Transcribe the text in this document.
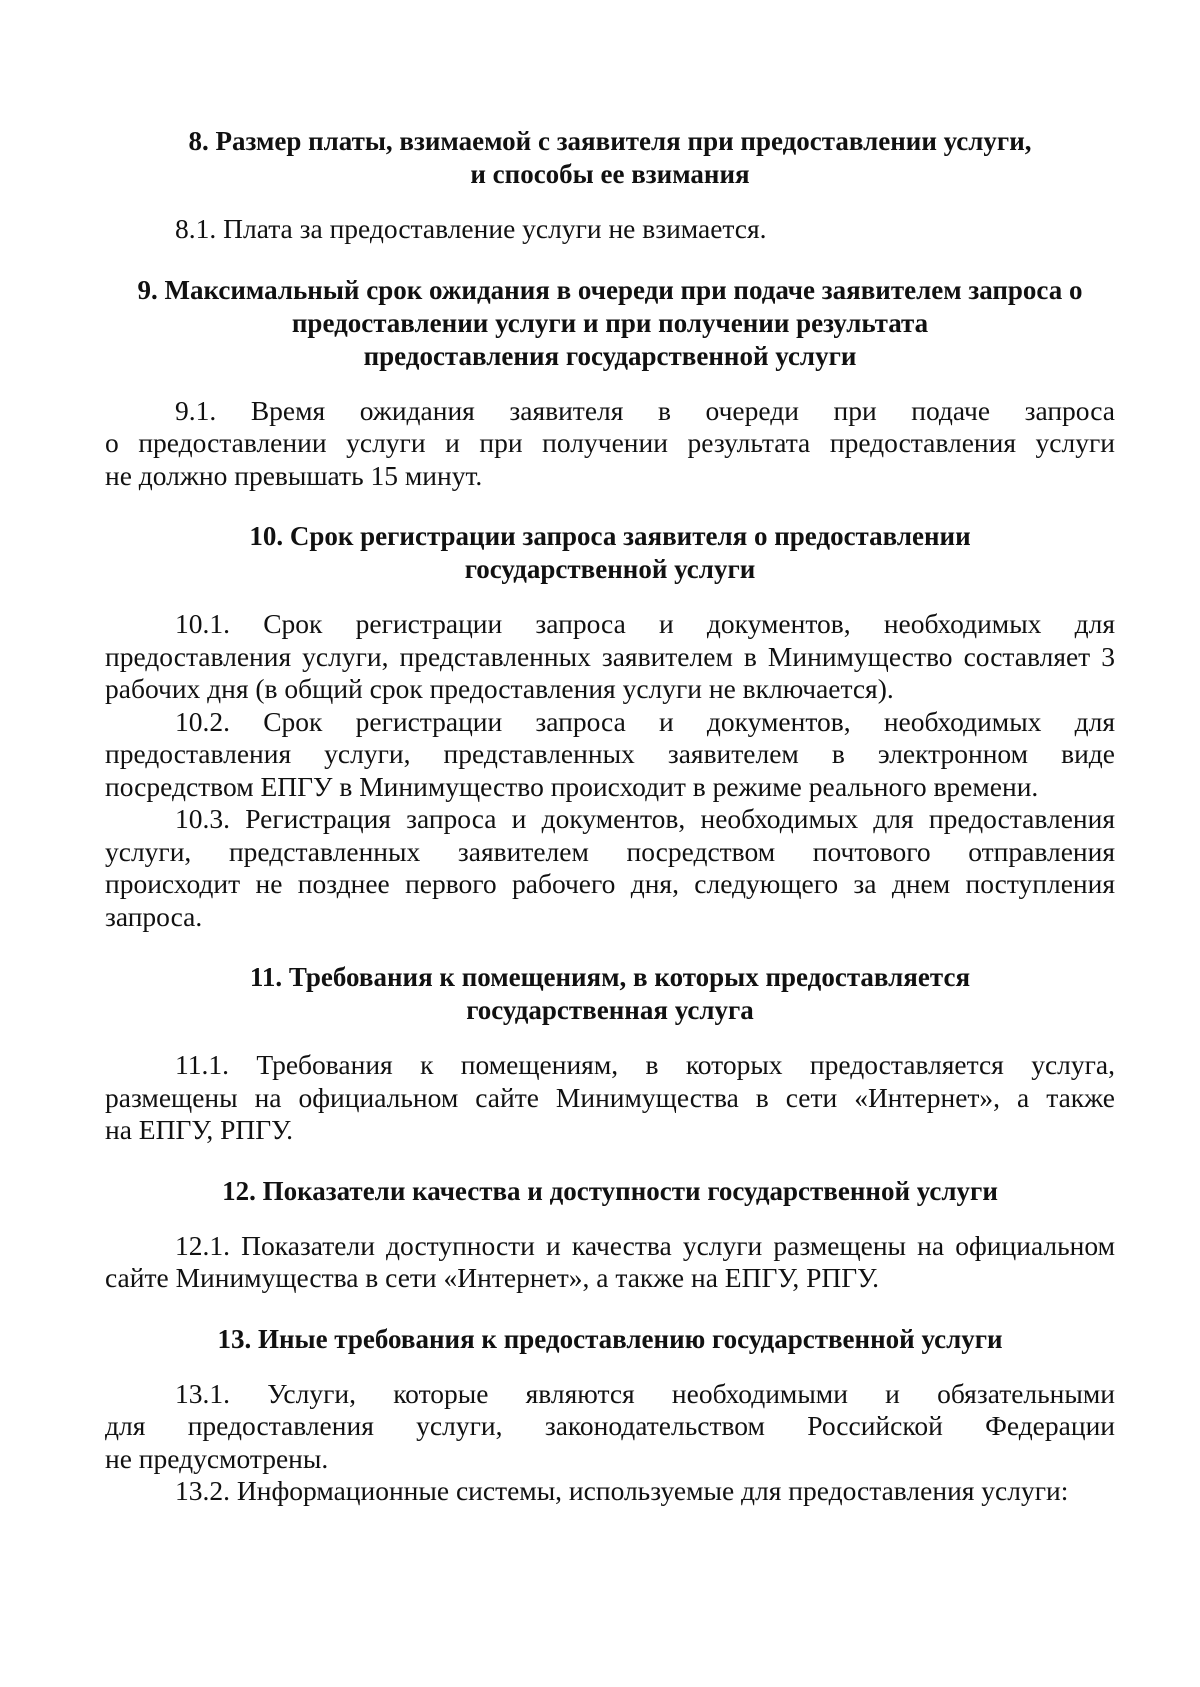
8. Размер платы, взимаемой с заявителя при предоставлении услуги,
и способы ее взимания

8.1. Плата за предоставление услуги не взимается.

9. Максимальный срок ожидания в очереди при подаче заявителем запроса о
предоставлении услуги и при получении результата
предоставления государственной услуги

9.1. Время ожидания заявителя в очереди при подаче запроса
о предоставлении услуги и при получении результата предоставления услуги
не должно превышать 15 минут.

10. Срок регистрации запроса заявителя о предоставлении
государственной услуги

10.1. Срок регистрации запроса и документов, необходимых для
предоставления услуги, представленных заявителем в Минимущество составляет 3
рабочих дня (в общий срок предоставления услуги не включается).

10.2. Срок регистрации запроса и документов, необходимых для
предоставления услуги, представленных заявителем в электронном виде
посредством ЕПГУ в Минимущество происходит в режиме реального времени.

10.3. Регистрация запроса и документов, необходимых для предоставления
услуги, представленных заявителем посредством почтового отправления
происходит не позднее первого рабочего дня, следующего за днем поступления
запроса.

11. Требования к помещениям, в которых предоставляется
государственная услуга

11.1. Требования к помещениям, в которых предоставляется услуга,
размещены на официальном сайте Минимущества в сети «Интернет», а также
на ЕПГУ, РПГУ.

12. Показатели качества и доступности государственной услуги

12.1. Показатели доступности и качества услуги размещены на официальном
сайте Минимущества в сети «Интернет», а также на ЕПГУ, РПГУ.

13. Иные требования к предоставлению государственной услуги

13.1. Услуги, которые являются необходимыми и обязательными
для предоставления услуги, законодательством Российской Федерации
не предусмотрены.

13.2. Информационные системы, используемые для предоставления услуги:
